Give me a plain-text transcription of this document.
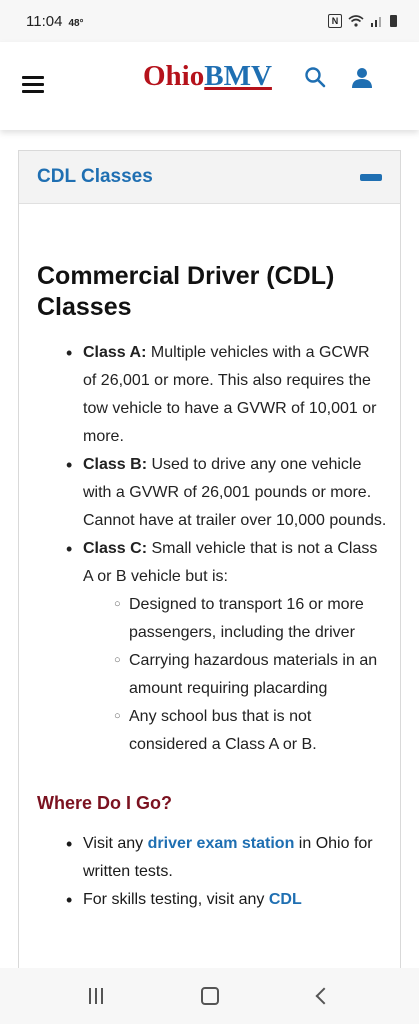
11:04 48°	N
OhioBMV
CDL Classes
Commercial Driver (CDL) Classes
• Class A: Multiple vehicles with a GCWR of 26,001 or more. This also requires the tow vehicle to have a GVWR of 10,001 or more.
• Class B: Used to drive any one vehicle with a GVWR of 26,001 pounds or more. Cannot have at trailer over 10,000 pounds.
• Class C: Small vehicle that is not a Class A or B vehicle but is:
○ Designed to transport 16 or more passengers, including the driver
○ Carrying hazardous materials in an amount requiring placarding
○ Any school bus that is not considered a Class A or B.
Where Do I Go?
• Visit any driver exam station in Ohio for written tests.
• For skills testing, visit any CDL
